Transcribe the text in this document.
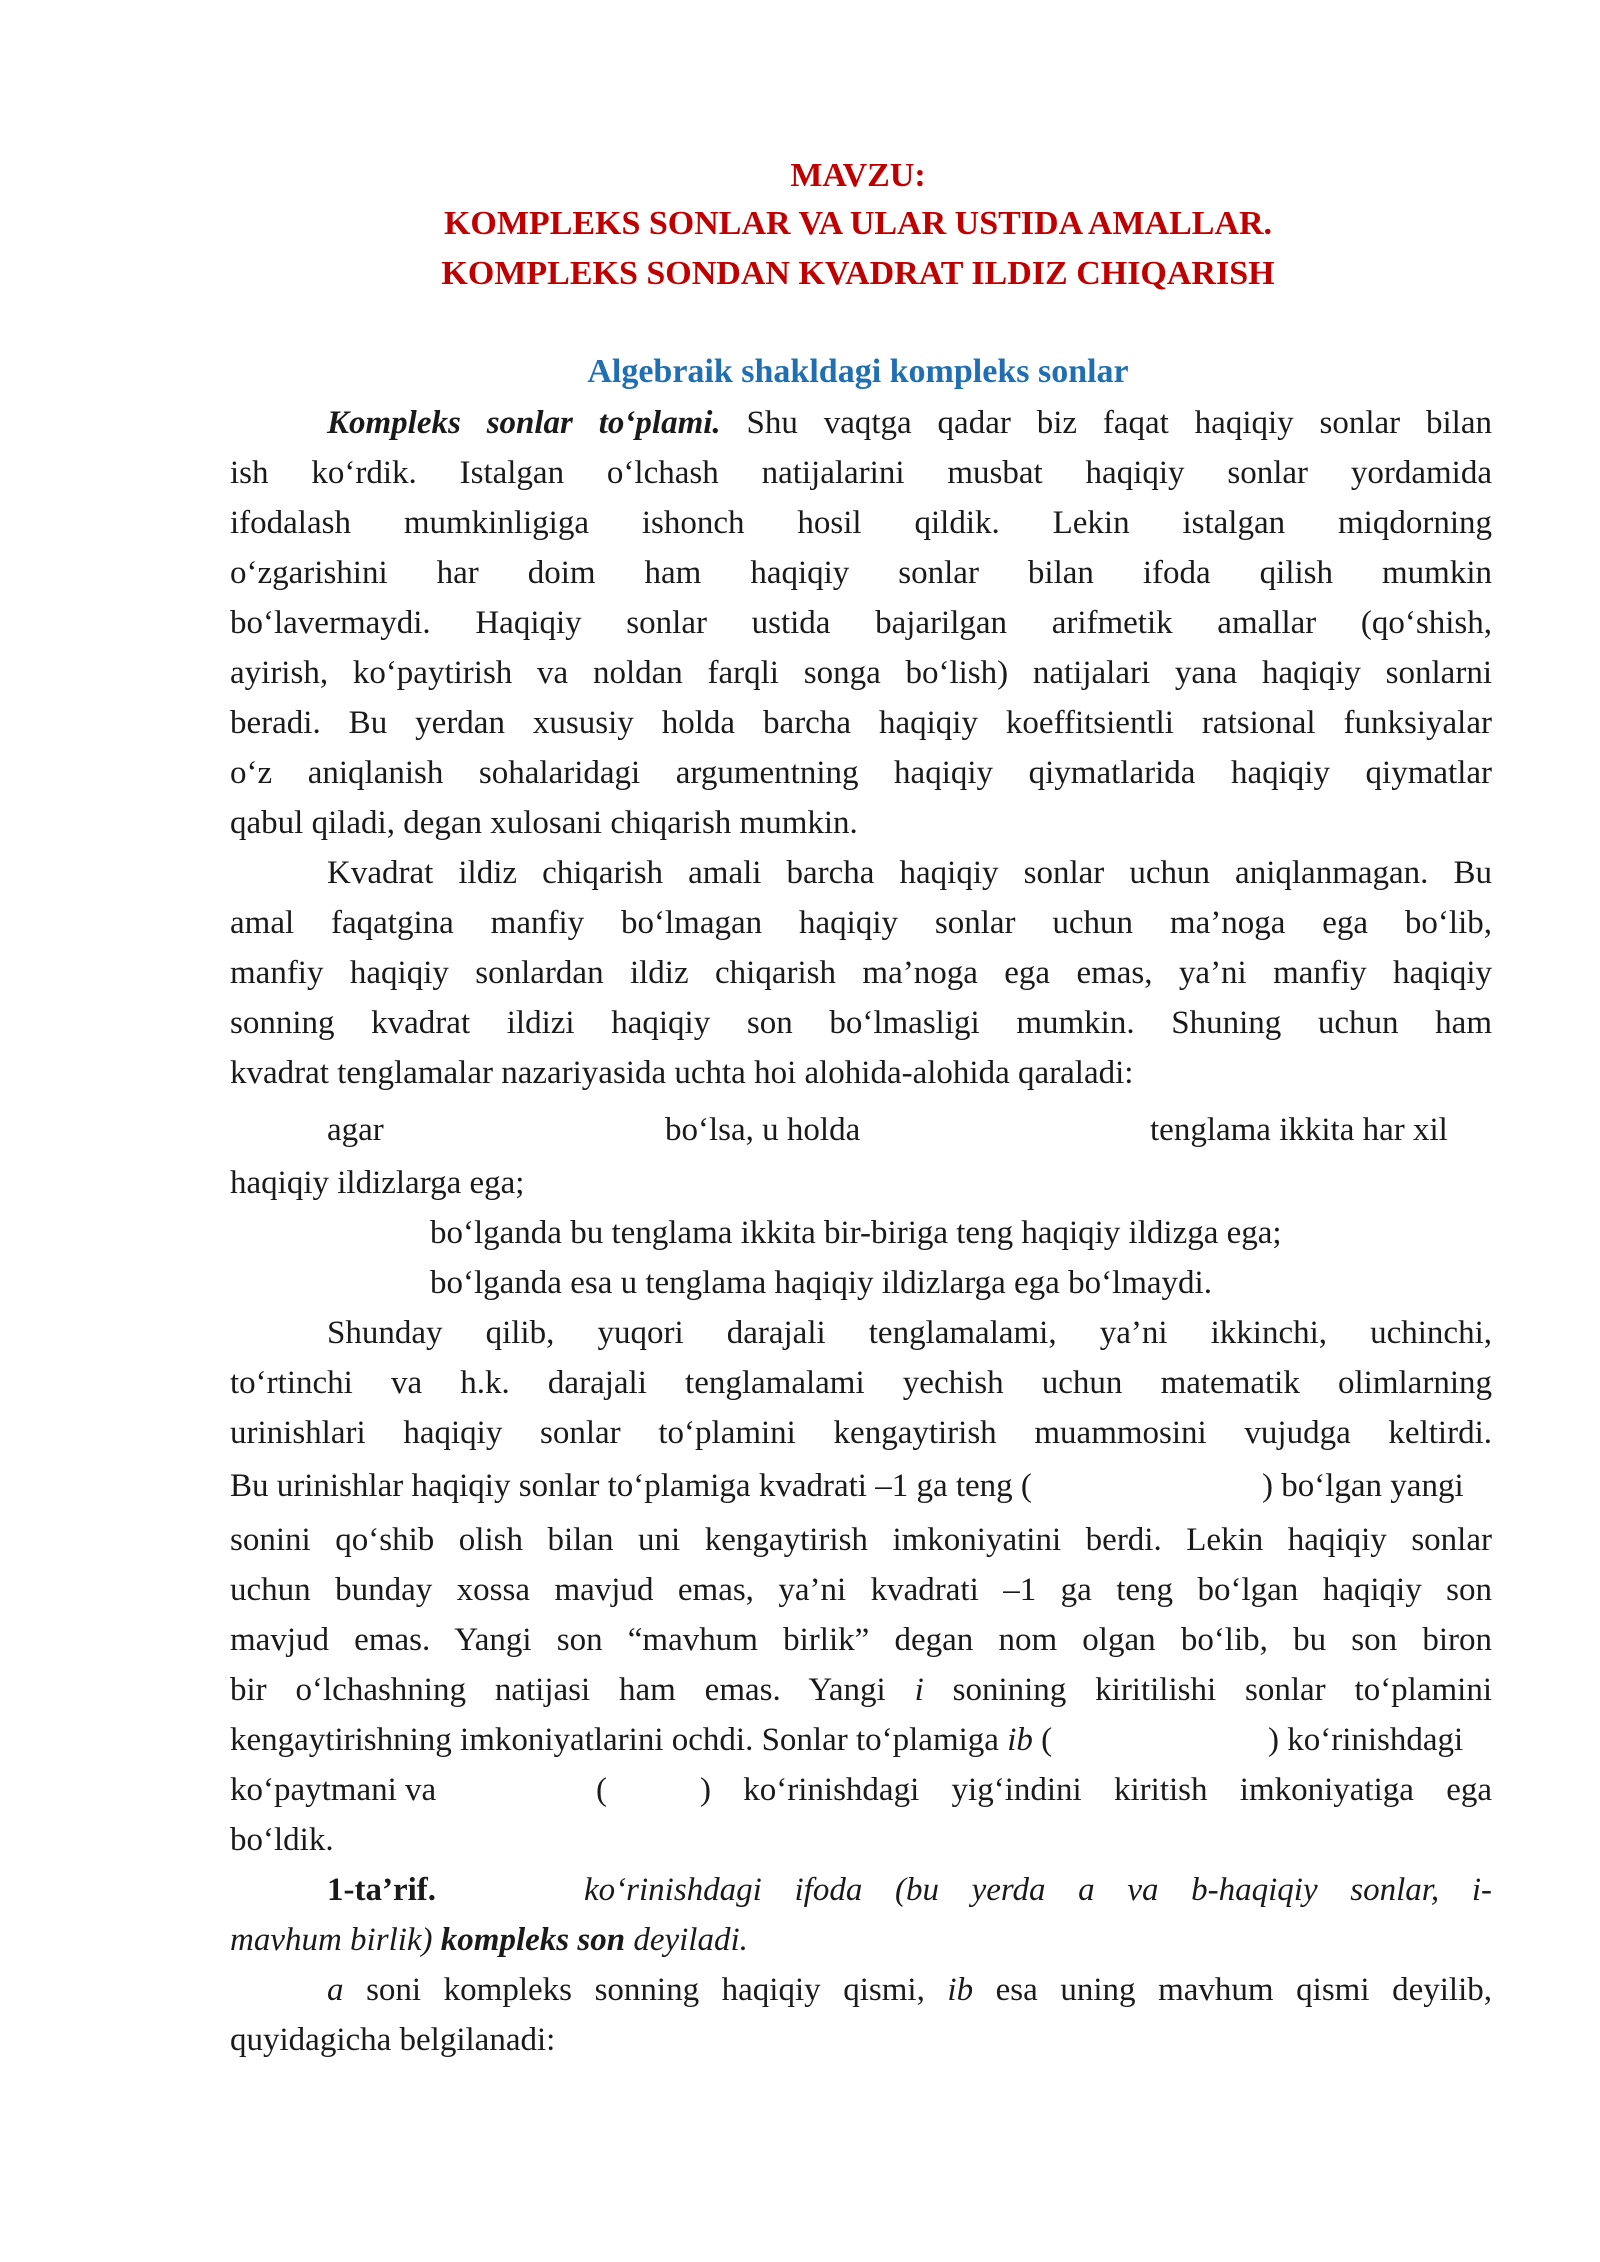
MAVZU:
KOMPLEKS SONLAR VA ULAR USTIDA AMALLAR.
KOMPLEKS SONDAN KVADRAT ILDIZ CHIQARISH
Algebraik shakldagi kompleks sonlar
Kompleks sonlar to‘plami. Shu vaqtga qadar biz faqat haqiqiy sonlar bilan
ish ko‘rdik. Istalgan o‘lchash natijalarini musbat haqiqiy sonlar yordamida
ifodalash mumkinligiga ishonch hosil qildik. Lekin istalgan miqdorning
o‘zgarishini har doim ham haqiqiy sonlar bilan ifoda qilish mumkin
bo‘lavermaydi. Haqiqiy sonlar ustida bajarilgan arifmetik amallar (qo‘shish,
ayirish, ko‘paytirish va noldan farqli songa bo‘lish) natijalari yana haqiqiy sonlarni
beradi. Bu yerdan xususiy holda barcha haqiqiy koeffitsientli ratsional funksiyalar
o‘z aniqlanish sohalaridagi argumentning haqiqiy qiymatlarida haqiqiy qiymatlar
qabul qiladi, degan xulosani chiqarish mumkin.
Kvadrat ildiz chiqarish amali barcha haqiqiy sonlar uchun aniqlanmagan. Bu
amal faqatgina manfiy bo‘lmagan haqiqiy sonlar uchun ma’noga ega bo‘lib,
manfiy haqiqiy sonlardan ildiz chiqarish ma’noga ega emas, ya’ni manfiy haqiqiy
sonning kvadrat ildizi haqiqiy son bo‘lmasligi mumkin. Shuning uchun ham
kvadrat tenglamalar nazariyasida uchta hoi alohida-alohida qaraladi:
agar	bo‘lsa, u holda	tenglama ikkita har xil
haqiqiy ildizlarga ega;
bo‘lganda bu tenglama ikkita bir-biriga teng haqiqiy ildizga ega;
bo‘lganda esa u tenglama haqiqiy ildizlarga ega bo‘lmaydi.
Shunday qilib, yuqori darajali tenglamalami, ya’ni ikkinchi, uchinchi,
to‘rtinchi va h.k. darajali tenglamalami yechish uchun matematik olimlarning
urinishlari haqiqiy sonlar to‘plamini kengaytirish muammosini vujudga keltirdi.
Bu urinishlar haqiqiy sonlar to‘plamiga kvadrati –1 ga teng (	) bo‘lgan yangi
sonini qo‘shib olish bilan uni kengaytirish imkoniyatini berdi. Lekin haqiqiy sonlar
uchun bunday xossa mavjud emas, ya’ni kvadrati –1 ga teng bo‘lgan haqiqiy son
mavjud emas. Yangi son “mavhum birlik” degan nom olgan bo‘lib, bu son biron
bir o‘lchashning natijasi ham emas. Yangi i sonining kiritilishi sonlar to‘plamini
kengaytirishning imkoniyatlarini ochdi. Sonlar to‘plamiga ib (	) ko‘rinishdagi
ko‘paytmani va	(	) ko‘rinishdagi yig‘indini kiritish imkoniyatiga ega
bo‘ldik.
1-ta’rif.	ko‘rinishdagi ifoda (bu yerda a va b-haqiqiy sonlar, i-
mavhum birlik) kompleks son deyiladi.
a soni kompleks sonning haqiqiy qismi, ib esa uning mavhum qismi deyilib,
quyidagicha belgilanadi:
